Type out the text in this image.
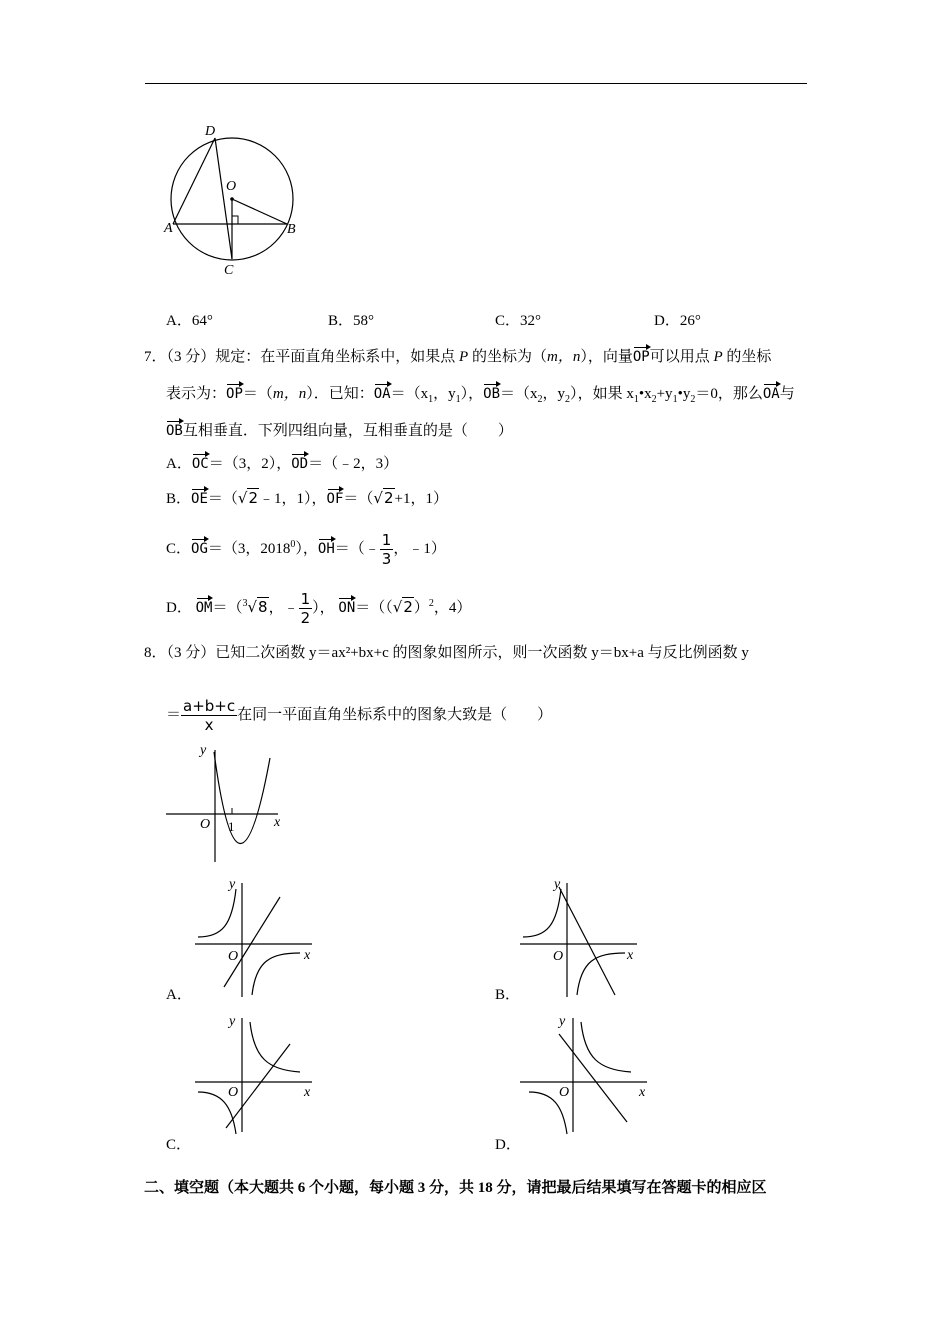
D
O
A	B
C
A．64°	B．58°	C．32°	D．26°
7．（3 分）规定：在平面直角坐标系中，如果点 P 的坐标为（m，n），向量OP可以用点 P 的坐标
表示为：OP＝（m，n）．已知：$OA=(x_1$，$y_1$），$OB=(x_2$，$y_2$），如果 $x_1•x_2+y_1•y_2=0$，那么OA与
OB互相垂直．下列四组向量，互相垂直的是（　　）
A．OC＝（3，2），OD＝（﹣2，3）
B．OE＝（√2﹣1，1），OF＝（√2+1，1）
C．OG＝（3，2018$^0$），OH＝（﹣ $\frac{1}{3}$ ，﹣1）
D． OM＝（$^3$√8，﹣ $\frac{1}{2}$ ）， $ON=((√2)^2$，4）
8．（3 分）已知二次函数 y＝ax²+bx+c 的图象如图所示，则一次函数 y＝bx+a 与反比例函数 y
＝ $\frac{a+b+c}{x}$ 在同一平面直角坐标系中的图象大致是（　　）
y
O 1	x
y
O	x
A．
y
O	x
B．
y
O	x
C．
y
O	x
D．
二、填空题（本大题共 6 个小题，每小题 3 分，共 18 分，请把最后结果填写在答题卡的相应区
